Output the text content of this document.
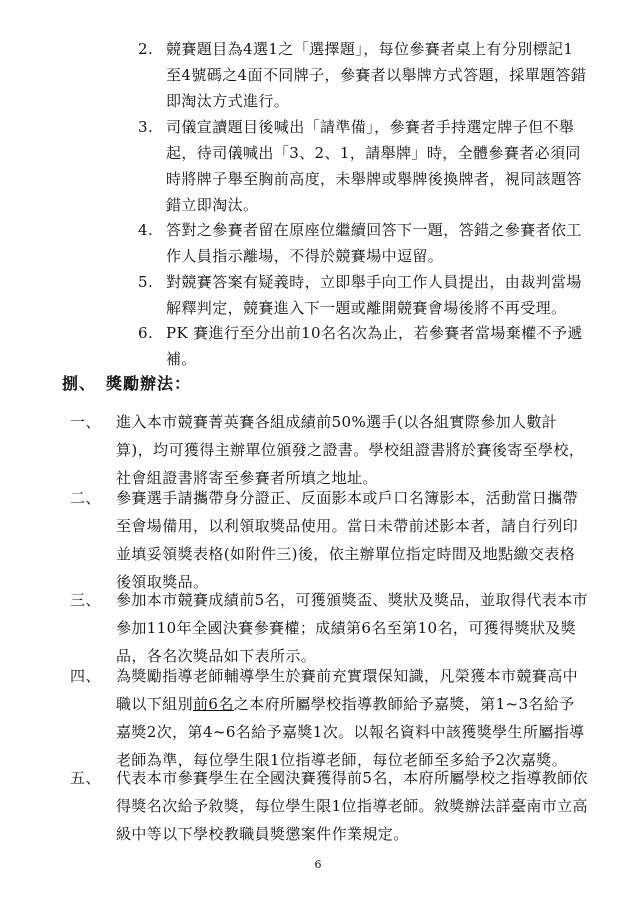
2. 競賽題目為4選1之「選擇題」，每位參賽者桌上有分別標記1至4號碼之4面不同牌子，參賽者以舉牌方式答題，採單題答錯即淘汰方式進行。
3. 司儀宣讀題目後喊出「請準備」，參賽者手持選定牌子但不舉起，待司儀喊出「3、2、1，請舉牌」時，全體參賽者必須同時將牌子舉至胸前高度，未舉牌或舉牌後換牌者，視同該題答錯立即淘汰。
4. 答對之參賽者留在原座位繼續回答下一題，答錯之參賽者依工作人員指示離場，不得於競賽場中逗留。
5. 對競賽答案有疑義時，立即舉手向工作人員提出，由裁判當場解釋判定，競賽進入下一題或離開競賽會場後將不再受理。
6. PK 賽進行至分出前10名名次為止，若參賽者當場棄權不予遞補。
捌、 獎勵辦法：
一、	進入本市競賽菁英賽各組成績前50%選手(以各組實際參加人數計算)，均可獲得主辦單位頒發之證書。學校組證書將於賽後寄至學校，社會組證書將寄至參賽者所填之地址。
二、	參賽選手請攜帶身分證正、反面影本或戶口名簿影本，活動當日攜帶至會場備用，以利領取獎品使用。當日未帶前述影本者，請自行列印並填妥領獎表格(如附件三)後，依主辦單位指定時間及地點繳交表格後領取獎品。
三、	參加本市競賽成績前5名，可獲頒獎盃、獎狀及獎品，並取得代表本市參加110年全國決賽參賽權；成績第6名至第10名，可獲得獎狀及獎品，各名次獎品如下表所示。
四、	為獎勵指導老師輔導學生於賽前充實環保知識，凡榮獲本市競賽高中職以下組別前6名之本府所屬學校指導教師給予嘉獎，第1~3名給予嘉獎2次，第4~6名給予嘉獎1次。以報名資料中該獲獎學生所屬指導老師為準，每位學生限1位指導老師，每位老師至多給予2次嘉獎。
五、	代表本市參賽學生在全國決賽獲得前5名，本府所屬學校之指導教師依得獎名次給予敘獎，每位學生限1位指導老師。敘獎辦法詳臺南市立高級中等以下學校教職員獎懲案件作業規定。
6
